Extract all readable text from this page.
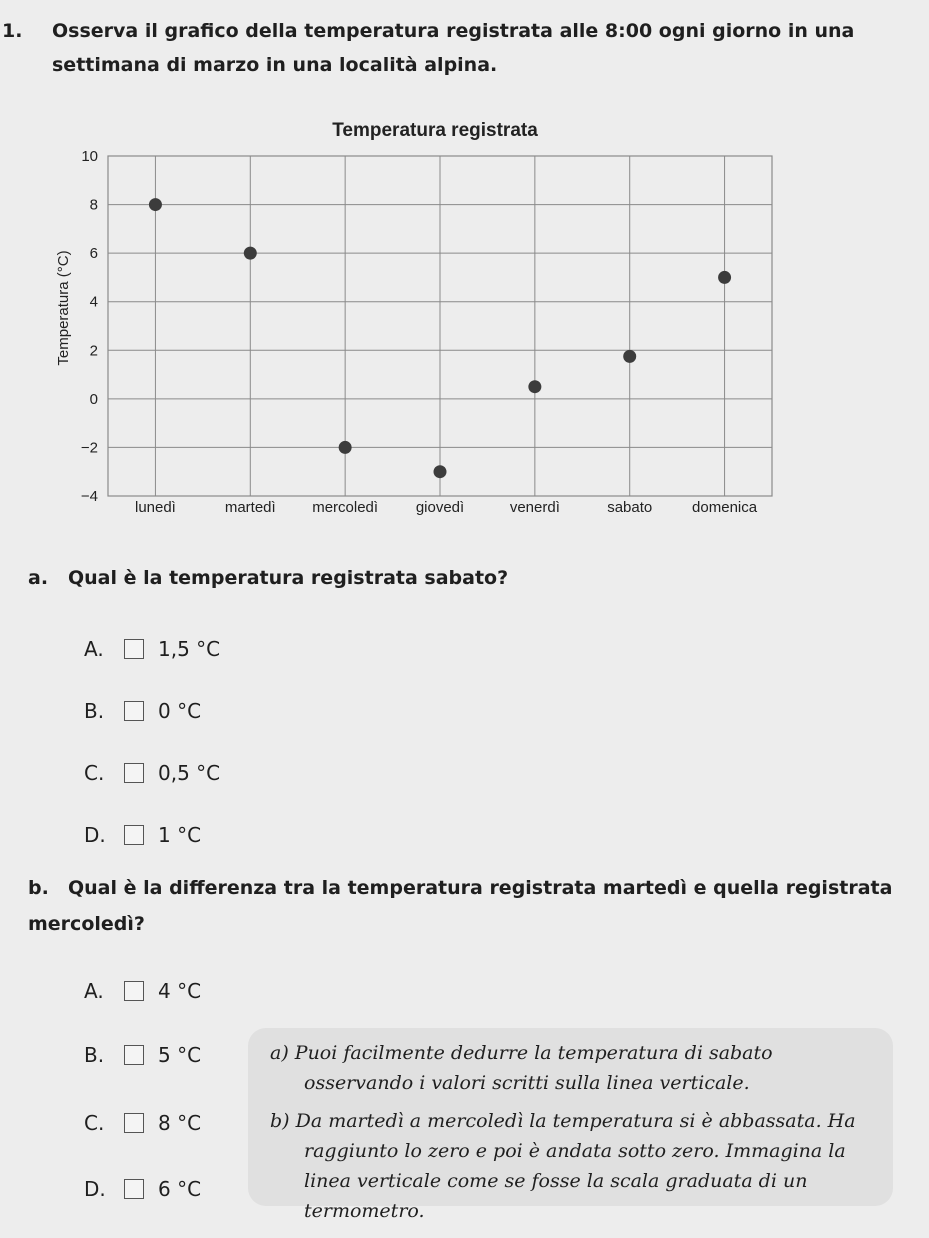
1. Osserva il grafico della temperatura registrata alle 8:00 ogni giorno in una settimana di marzo in una località alpina.
Temperatura registrata
Temperatura (°C)
10
8
6
4
2
0
−2
−4
lunedì	martedì mercoledì	giovedì	venerdì	sabato	domenica
a. Qual è la temperatura registrata sabato?
A.	1,5 °C
B.	0 °C
C.	0,5 °C
D.	1 °C
b. Qual è la differenza tra la temperatura registrata martedì e quella registrata mercoledì?
A.	4 °C
B.	5 °C
C.	8 °C
D.	6 °C

a) Puoi facilmente dedurre la temperatura di sabato osservando i valori scritti sulla linea verticale.

b) Da martedì a mercoledì la temperatura si è abbassata. Ha raggiunto lo zero e poi è andata sotto zero. Immagina la linea verticale come se fosse la scala graduata di un termometro.
